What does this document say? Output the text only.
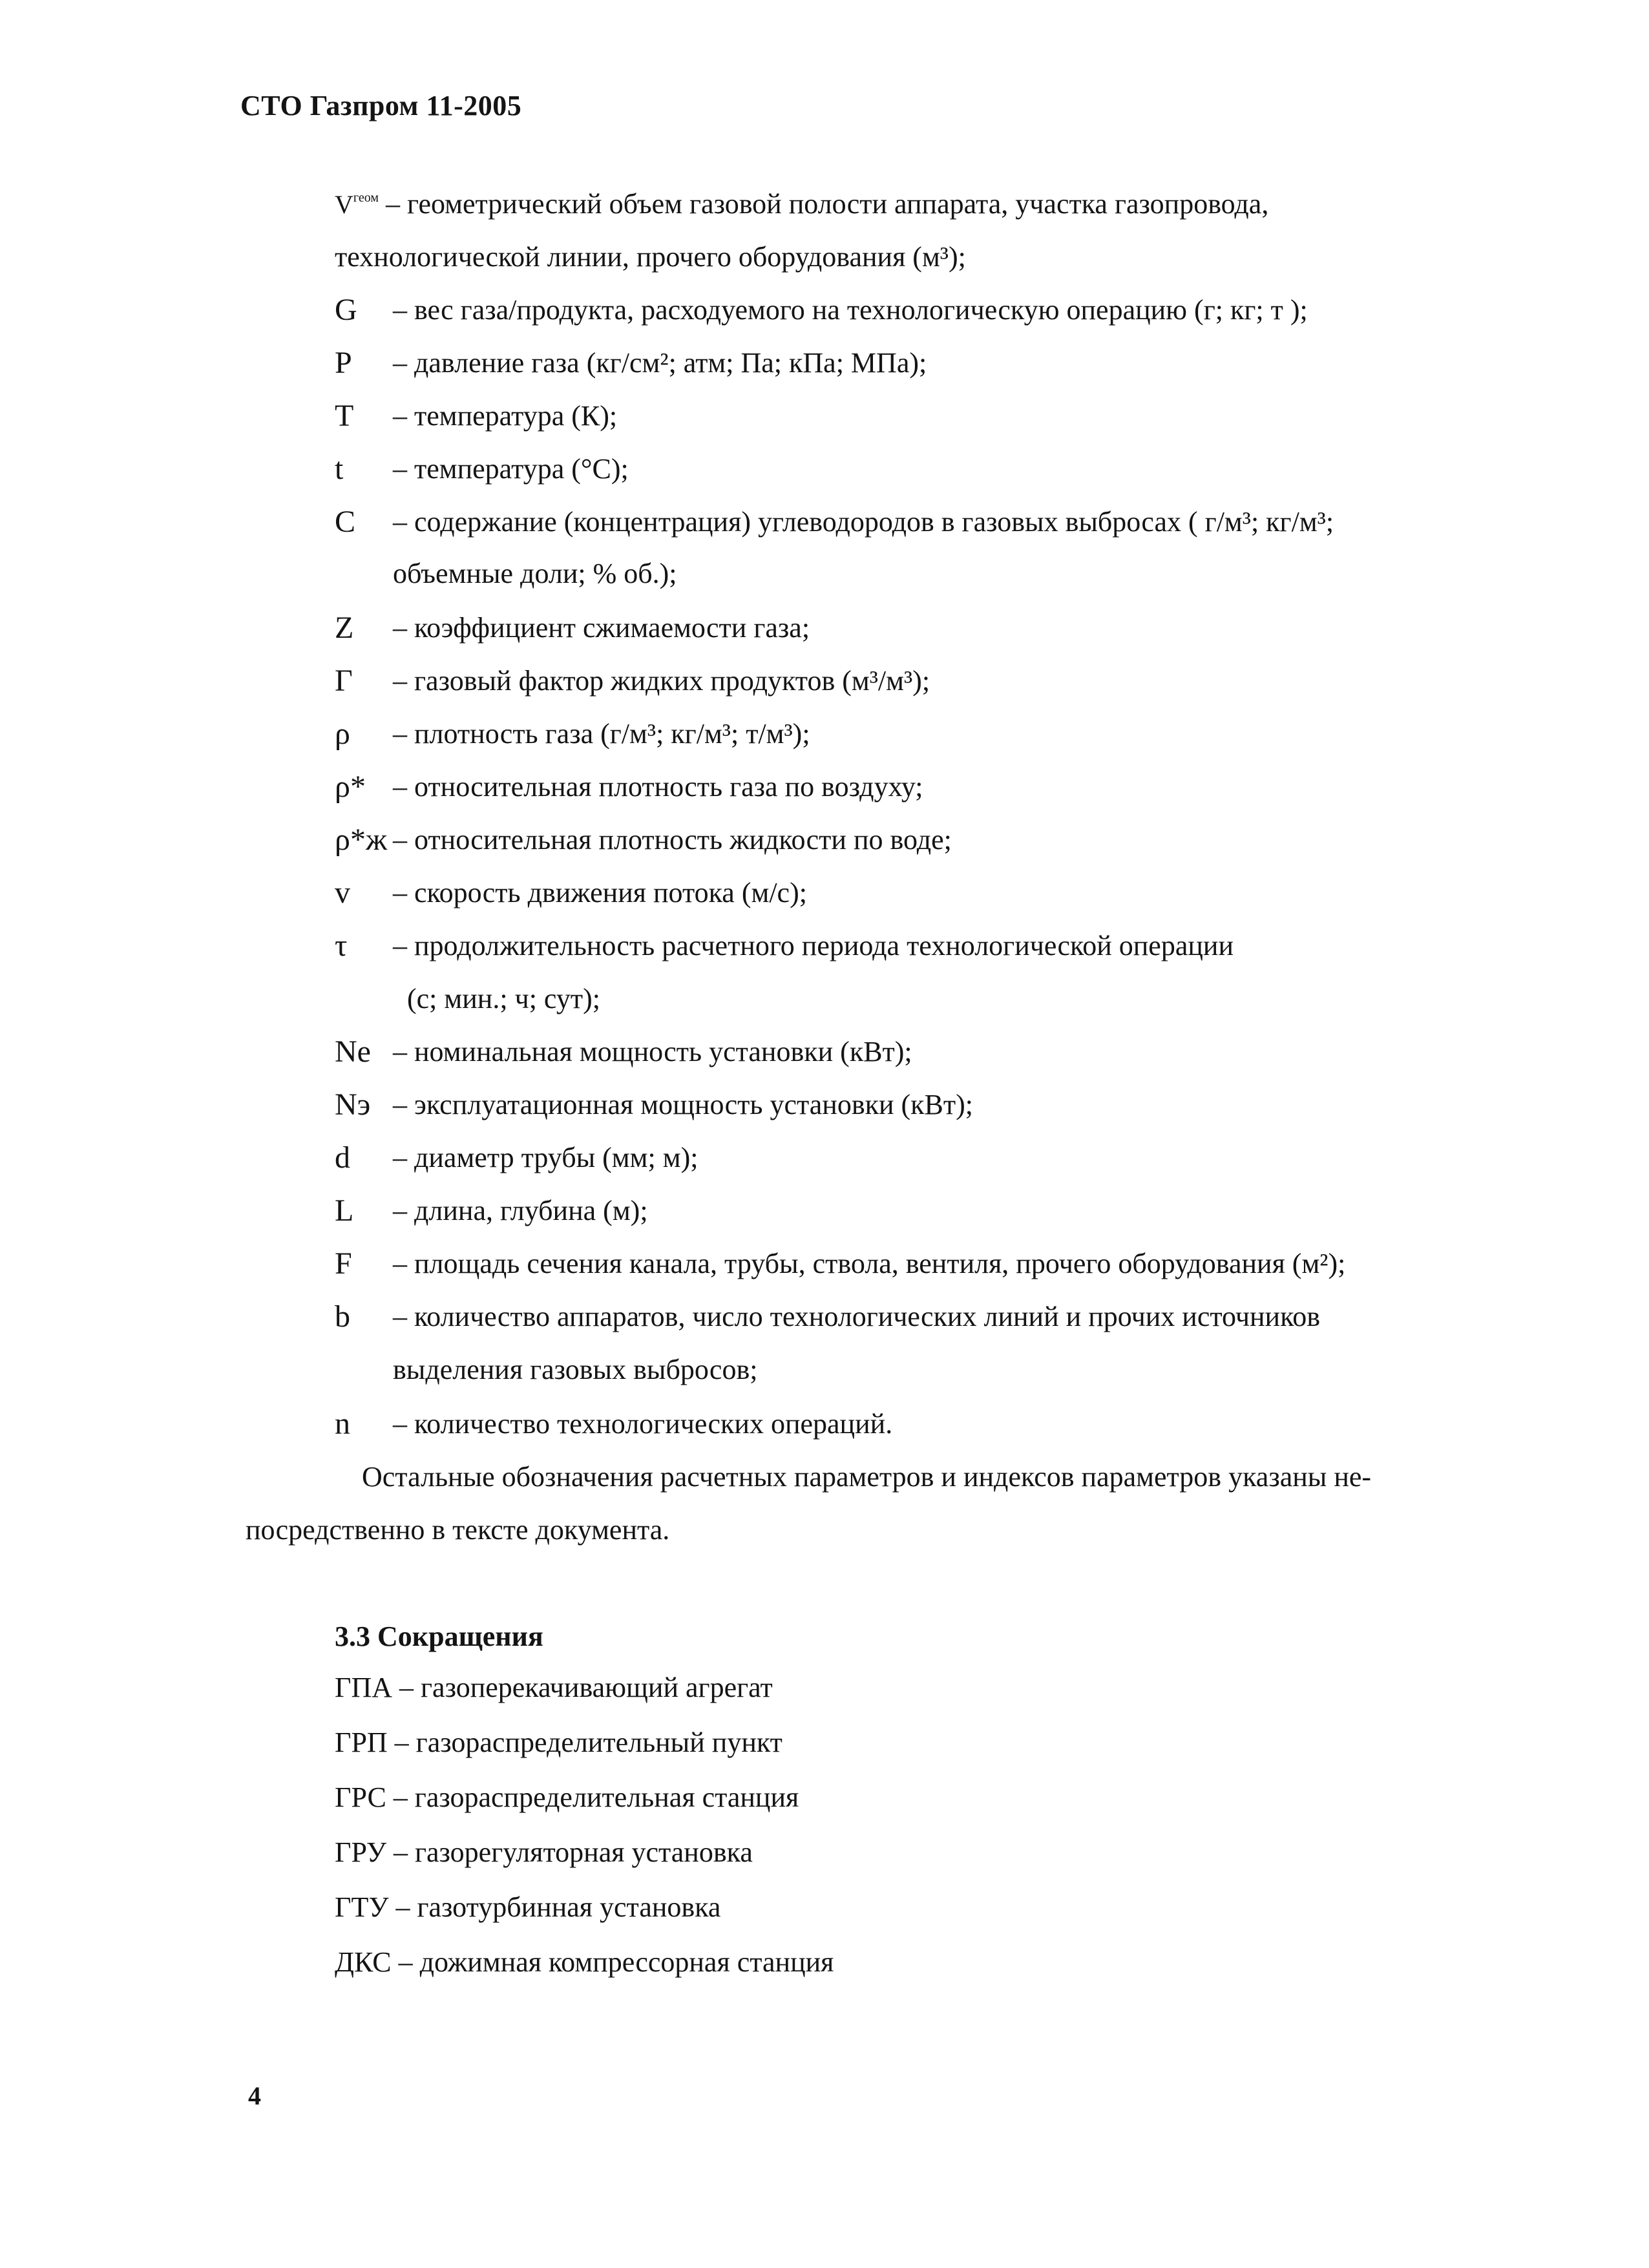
СТО Газпром 11-2005
$V^{геом}$ – геометрический объем газовой полости аппарата, участка газопровода,
технологической линии, прочего оборудования (м³);
G – вес газа/продукта, расходуемого на технологическую операцию (г; кг; т );
P – давление газа (кг/см²; атм; Па; кПа; МПа);
T – температура (К);
t – температура (°С);
С – содержание (концентрация) углеводородов в газовых выбросах ( г/м³; кг/м³;
объемные доли; % об.);
Z – коэффициент сжимаемости газа;
Г – газовый фактор жидких продуктов (м³/м³);
ρ – плотность газа (г/м³; кг/м³; т/м³);
ρ* – относительная плотность газа по воздуху;
ρ*ж – относительная плотность жидкости по воде;
v – скорость движения потока (м/с);
τ – продолжительность расчетного периода технологической операции
(с; мин.; ч; сут);
Nе – номинальная мощность установки (кВт);
Nэ – эксплуатационная мощность установки (кВт);
d – диаметр трубы (мм; м);
L – длина, глубина (м);
F – площадь сечения канала, трубы, ствола, вентиля, прочего оборудования (м²);
b – количество аппаратов, число технологических линий и прочих источников
выделения газовых выбросов;
n – количество технологических операций.
Остальные обозначения расчетных параметров и индексов параметров указаны не-
посредственно в тексте документа.
3.3 Сокращения
ГПА – газоперекачивающий агрегат
ГРП – газораспределительный пункт
ГРС – газораспределительная станция
ГРУ – газорегуляторная установка
ГТУ – газотурбинная установка
ДКС – дожимная компрессорная станция
4
